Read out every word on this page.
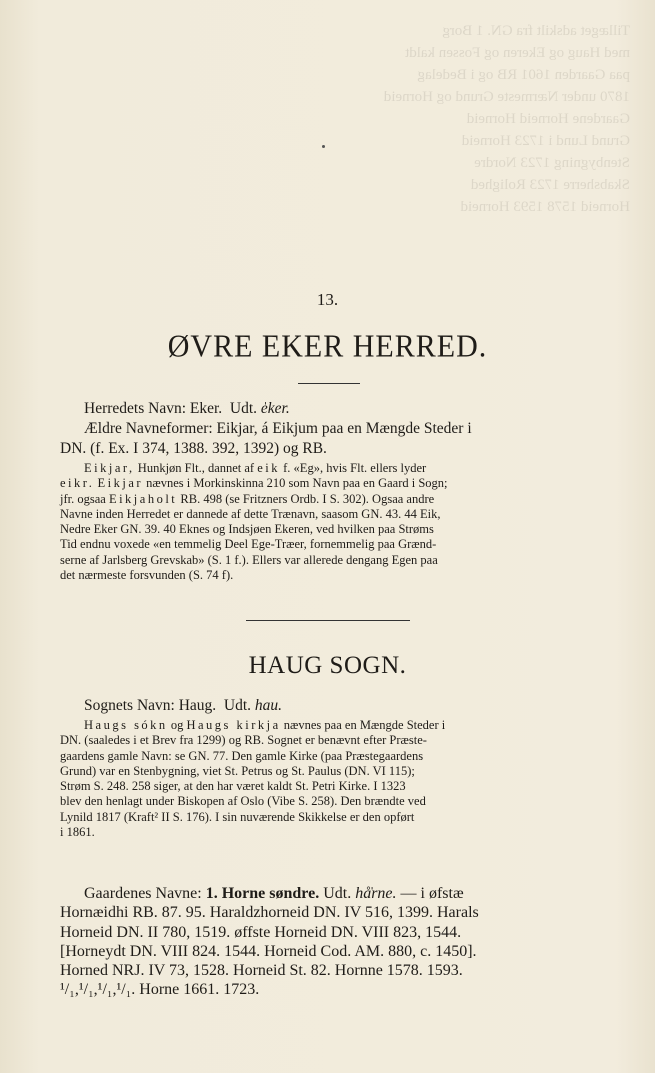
Tillæget adskilt fra GN. 1 Borg
med Haug og Ekeren og Fossen kaldt
paa Gaarden 1601 RB og i Bedelag
1870 under Nærmeste Grund og Horneid
Gaardene Horneid Horneid
Grund Lund i 1723 Horneid
Stenbygning 1723 Nordre
Skabsherre 1723 Rolighed
Horneid 1578 1593 Horneid
13.
ØVRE EKER HERRED.
Herredets Navn: Eker. Udt. e̍ker.
Ældre Navneformer: Eikjar, á Eikjum paa en Mængde Steder i
DN. (f. Ex. I 374, 1388. 392, 1392) og RB.
Eikjar, Hunkjøn Flt., dannet af eik f. «Eg», hvis Flt. ellers lyder
eikr. Eikjar nævnes i Morkinskinna 210 som Navn paa en Gaard i Sogn;
jfr. ogsaa Eikjaholt RB. 498 (se Fritzners Ordb. I S. 302). Ogsaa andre
Navne inden Herredet er dannede af dette Trænavn, saasom GN. 43. 44 Eik,
Nedre Eker GN. 39. 40 Eknes og Indsjøen Ekeren, ved hvilken paa Strøms
Tid endnu voxede «en temmelig Deel Ege-Træer, fornemmelig paa Grænd-
serne af Jarlsberg Grevskab» (S. 1 f.). Ellers var allerede dengang Egen paa
det nærmeste forsvunden (S. 74 f).
HAUG SOGN.
Sognets Navn: Haug. Udt. hau.
Haugs sókn og Haugs kirkja nævnes paa en Mængde Steder i
DN. (saaledes i et Brev fra 1299) og RB. Sognet er benævnt efter Præste-
gaardens gamle Navn: se GN. 77. Den gamle Kirke (paa Præstegaardens
Grund) var en Stenbygning, viet St. Petrus og St. Paulus (DN. VI 115);
Strøm S. 248. 258 siger, at den har været kaldt St. Petri Kirke. I 1323
blev den henlagt under Biskopen af Oslo (Vibe S. 258). Den brændte ved
Lynild 1817 (Kraft² II S. 176). I sin nuværende Skikkelse er den opført
i 1861.
Gaardenes Navne: 1. Horne søndre. Udt. hå̍rne. — i øfstæ
Hornæidhi RB. 87. 95. Haraldzhorneid DN. IV 516, 1399. Harals
Horneid DN. II 780, 1519. øffste Horneid DN. VIII 823, 1544.
[Horneydt DN. VIII 824. 1544. Horneid Cod. AM. 880, c. 1450].
Horned NRJ. IV 73, 1528. Horneid St. 82. Hornne 1578. 1593.
¹/₁,¹/₁,¹/₁,¹/₁. Horne 1661. 1723.
